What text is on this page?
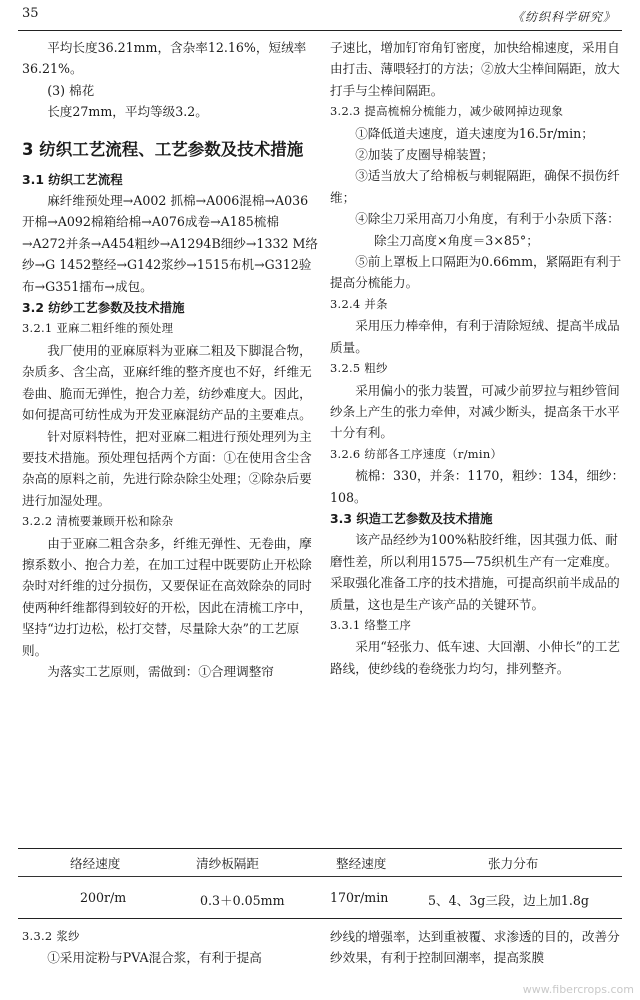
35	《纺织科学研究》

平均长度36.21mm，含杂率12.16%，短绒率36.21%。

(3) 棉花

长度27mm，平均等级3.2。

3 纺织工艺流程、工艺参数及技术措施

3.1 纺织工艺流程

麻纤维预处理→A002 抓棉→A006混棉→A036开棉→A092棉箱给棉→A076成卷→A185梳棉→A272并条→A454粗纱→A1294B细纱→1332 M络纱→G 1452整经→G142浆纱→1515布机→G312验布→G351擂布→成包。

3.2 纺纱工艺参数及技术措施

3.2.1 亚麻二粗纤维的预处理

我厂使用的亚麻原料为亚麻二粗及下脚混合物，杂质多、含尘高，亚麻纤维的整齐度也不好，纤维无卷曲、脆而无弹性，抱合力差，纺纱难度大。因此，如何提高可纺性成为开发亚麻混纺产品的主要难点。

针对原料特性，把对亚麻二粗进行预处理列为主要技术措施。预处理包括两个方面：①在使用含尘含杂高的原料之前，先进行除杂除尘处理；②除杂后要进行加湿处理。

3.2.2 清梳要兼顾开松和除杂

由于亚麻二粗含杂多，纤维无弹性、无卷曲，摩擦系数小、抱合力差，在加工过程中既要防止开松除杂时对纤维的过分损伤，又要保证在高效除杂的同时使两种纤维都得到较好的开松，因此在清梳工序中，坚持“边打边松，松打交替，尽量除大杂”的工艺原则。

为落实工艺原则，需做到：①合理调整帘

子速比，增加钉帘角钉密度，加快给棉速度，采用自由打击、薄喂轻打的方法；②放大尘棒间隔距，放大打手与尘棒间隔距。

3.2.3 提高梳棉分梳能力，减少破网掉边现象

①降低道夫速度，道夫速度为16.5r/min；

②加装了皮圈导棉装置；

③适当放大了给棉板与刺辊隔距，确保不损伤纤维；

④除尘刀采用高刀小角度，有利于小杂质下落：

除尘刀高度×角度＝3×85°；

⑤前上罩板上口隔距为0.66mm，紧隔距有利于提高分梳能力。

3.2.4 并条

采用压力棒牵伸，有利于清除短绒、提高半成品质量。

3.2.5 粗纱

采用偏小的张力装置，可减少前罗拉与粗纱管间纱条上产生的张力牵伸，对减少断头，提高条干水平十分有利。

3.2.6 纺部各工序速度（r/min）

梳棉：330，并条：1170，粗纱：134，细纱：108。

3.3 织造工艺参数及技术措施

该产品经纱为100%粘胶纤维，因其强力低、耐磨性差，所以利用1575—75织机生产有一定难度。采取强化准备工序的技术措施，可提高织前半成品的质量，这也是生产该产品的关键环节。

3.3.1 络整工序

采用“轻张力、低车速、大回潮、小伸长”的工艺路线，使纱线的卷绕张力均匀，排列整齐。

络经速度	清纱板隔距	整经速度	张力分布
200r/m	0.3＋0.05mm	170r/min	5、4、3g三段，边上加1.8g

3.3.2 浆纱

①采用淀粉与PVA混合浆，有利于提高

纱线的增强率，达到重被覆、求渗透的目的，改善分纱效果，有利于控制回潮率，提高浆膜

www.fibercrops.com
